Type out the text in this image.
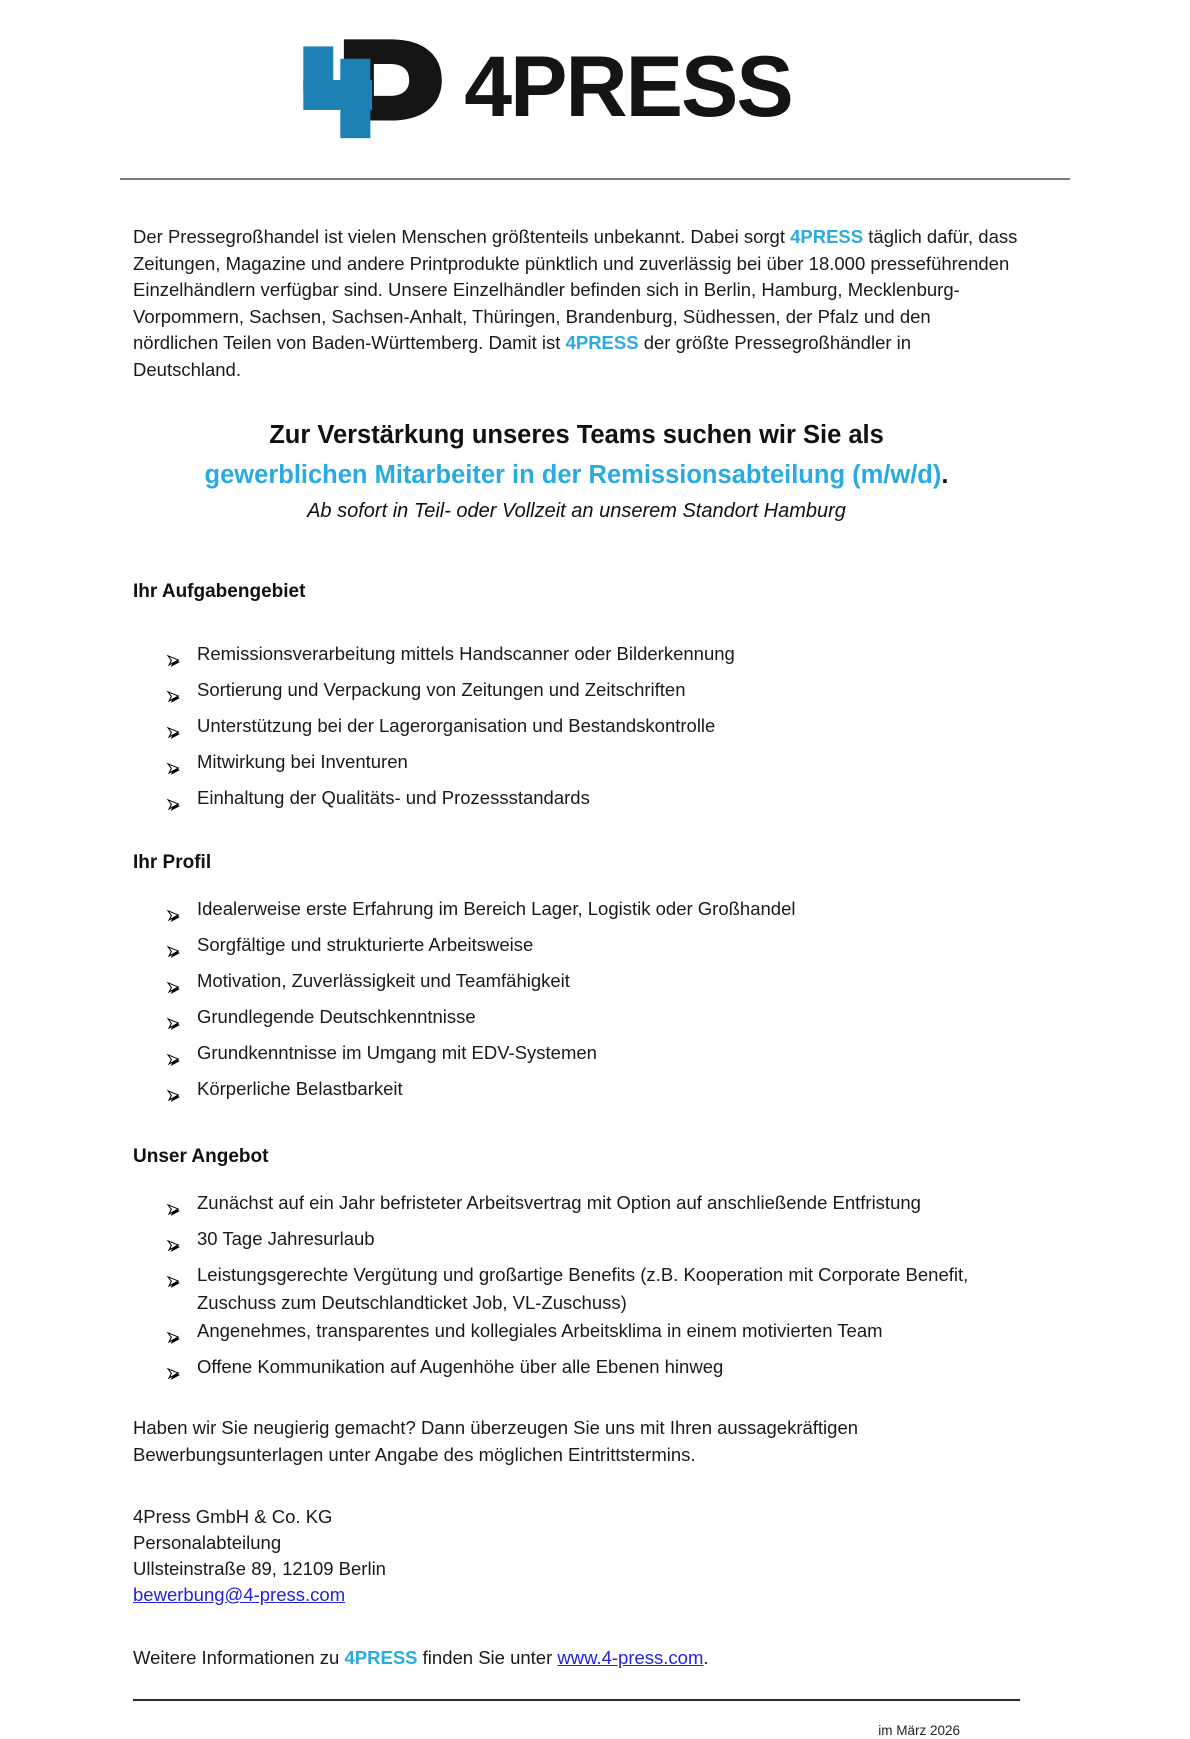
4PRESS

Der Pressegroßhandel ist vielen Menschen größtenteils unbekannt. Dabei sorgt 4PRESS täglich dafür, dass Zeitungen, Magazine und andere Printprodukte pünktlich und zuverlässig bei über 18.000 presseführenden Einzelhändlern verfügbar sind. Unsere Einzelhändler befinden sich in Berlin, Hamburg, Mecklenburg-Vorpommern, Sachsen, Sachsen-Anhalt, Thüringen, Brandenburg, Südhessen, der Pfalz und den nördlichen Teilen von Baden-Württemberg. Damit ist 4PRESS der größte Pressegroßhändler in Deutschland.

Zur Verstärkung unseres Teams suchen wir Sie als
gewerblichen Mitarbeiter in der Remissionsabteilung (m/w/d).
Ab sofort in Teil- oder Vollzeit an unserem Standort Hamburg
Ihr Aufgabengebiet
Remissionsverarbeitung mittels Handscanner oder Bilderkennung
Sortierung und Verpackung von Zeitungen und Zeitschriften
Unterstützung bei der Lagerorganisation und Bestandskontrolle
Mitwirkung bei Inventuren
Einhaltung der Qualitäts- und Prozessstandards
Ihr Profil
Idealerweise erste Erfahrung im Bereich Lager, Logistik oder Großhandel
Sorgfältige und strukturierte Arbeitsweise
Motivation, Zuverlässigkeit und Teamfähigkeit
Grundlegende Deutschkenntnisse
Grundkenntnisse im Umgang mit EDV-Systemen
Körperliche Belastbarkeit
Unser Angebot
Zunächst auf ein Jahr befristeter Arbeitsvertrag mit Option auf anschließende Entfristung
30 Tage Jahresurlaub
Leistungsgerechte Vergütung und großartige Benefits (z.B. Kooperation mit Corporate Benefit, Zuschuss zum Deutschlandticket Job, VL-Zuschuss)
Angenehmes, transparentes und kollegiales Arbeitsklima in einem motivierten Team
Offene Kommunikation auf Augenhöhe über alle Ebenen hinweg

Haben wir Sie neugierig gemacht? Dann überzeugen Sie uns mit Ihren aussagekräftigen Bewerbungsunterlagen unter Angabe des möglichen Eintrittstermins.

4Press GmbH & Co. KG
Personalabteilung
Ullsteinstraße 89, 12109 Berlin
bewerbung@4-press.com

Weitere Informationen zu 4PRESS finden Sie unter www.4-press.com.

im März 2026
